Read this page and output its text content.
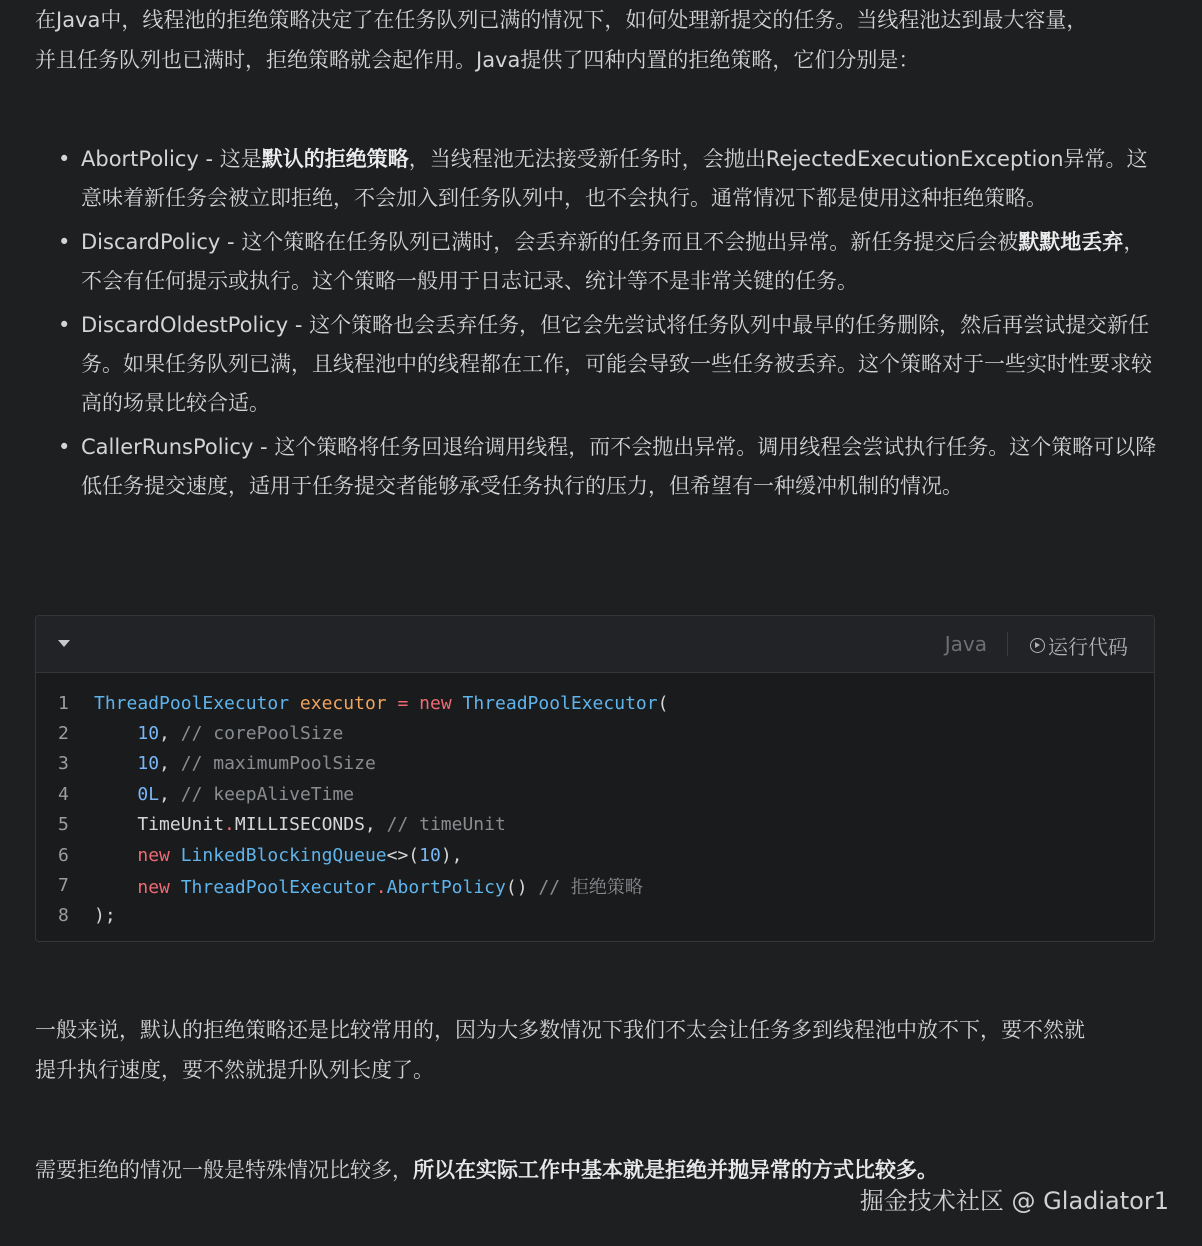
在Java中，线程池的拒绝策略决定了在任务队列已满的情况下，如何处理新提交的任务。当线程池达到最大容量，
并且任务队列也已满时，拒绝策略就会起作用。Java提供了四种内置的拒绝策略，它们分别是：

• AbortPolicy - 这是默认的拒绝策略，当线程池无法接受新任务时，会抛出RejectedExecutionException异常。这意味着新任务会被立即拒绝，不会加入到任务队列中，也不会执行。通常情况下都是使用这种拒绝策略。
• DiscardPolicy - 这个策略在任务队列已满时，会丢弃新的任务而且不会抛出异常。新任务提交后会被默默地丢弃，不会有任何提示或执行。这个策略一般用于日志记录、统计等不是非常关键的任务。
• DiscardOldestPolicy - 这个策略也会丢弃任务，但它会先尝试将任务队列中最早的任务删除，然后再尝试提交新任务。如果任务队列已满，且线程池中的线程都在工作，可能会导致一些任务被丢弃。这个策略对于一些实时性要求较高的场景比较合适。
• CallerRunsPolicy - 这个策略将任务回退给调用线程，而不会抛出异常。调用线程会尝试执行任务。这个策略可以降低任务提交速度，适用于任务提交者能够承受任务执行的压力，但希望有一种缓冲机制的情况。
Java	运行代码
1	ThreadPoolExecutor executor = new ThreadPoolExecutor(
2	10, // corePoolSize
3	10, // maximumPoolSize
4	0L, // keepAliveTime
5	TimeUnit.MILLISECONDS, // timeUnit
6	new LinkedBlockingQueue<>(10),
7	new ThreadPoolExecutor.AbortPolicy() // 拒绝策略
8	);

一般来说，默认的拒绝策略还是比较常用的，因为大多数情况下我们不太会让任务多到线程池中放不下，要不然就
提升执行速度，要不然就提升队列长度了。

需要拒绝的情况一般是特殊情况比较多，所以在实际工作中基本就是拒绝并抛异常的方式比较多。

掘金技术社区 @ Gladiator1
